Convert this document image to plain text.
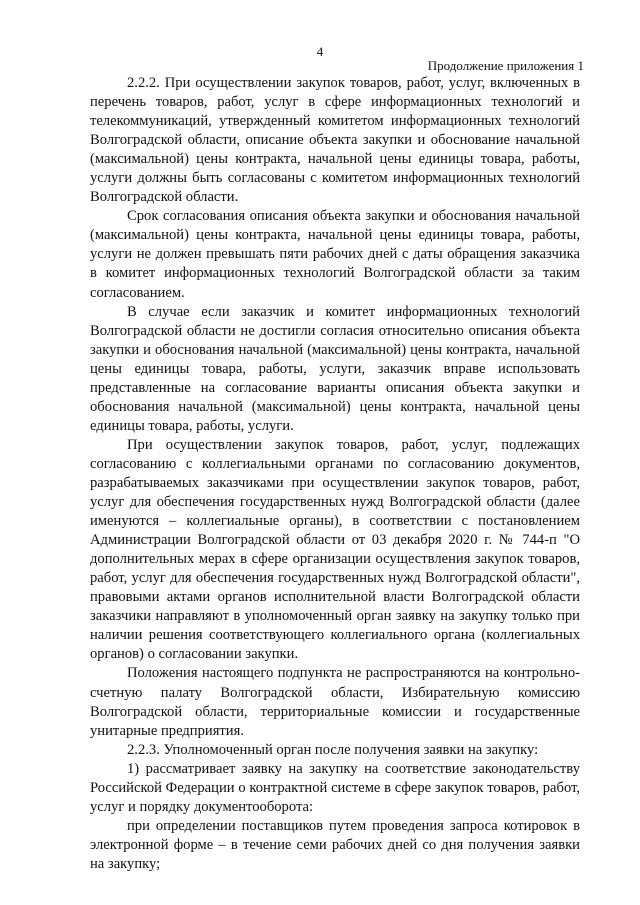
4
Продолжение приложения 1

2.2.2. При осуществлении закупок товаров, работ, услуг, включенных в перечень товаров, работ, услуг в сфере информационных технологий и телекоммуникаций, утвержденный комитетом информационных технологий Волгоградской области, описание объекта закупки и обоснование начальной (максимальной) цены контракта, начальной цены единицы товара, работы, услуги должны быть согласованы с комитетом информационных технологий Волгоградской области.

Срок согласования описания объекта закупки и обоснования начальной (максимальной) цены контракта, начальной цены единицы товара, работы, услуги не должен превышать пяти рабочих дней с даты обращения заказчика в комитет информационных технологий Волгоградской области за таким согласованием.

В случае если заказчик и комитет информационных технологий Волгоградской области не достигли согласия относительно описания объекта закупки и обоснования начальной (максимальной) цены контракта, начальной цены единицы товара, работы, услуги, заказчик вправе использовать представленные на согласование варианты описания объекта закупки и обоснования начальной (максимальной) цены контракта, начальной цены единицы товара, работы, услуги.

При осуществлении закупок товаров, работ, услуг, подлежащих согласованию с коллегиальными органами по согласованию документов, разрабатываемых заказчиками при осуществлении закупок товаров, работ, услуг для обеспечения государственных нужд Волгоградской области (далее именуются – коллегиальные органы), в соответствии с постановлением Администрации Волгоградской области от 03 декабря 2020 г. № 744-п "О дополнительных мерах в сфере организации осуществления закупок товаров, работ, услуг для обеспечения государственных нужд Волгоградской области", правовыми актами органов исполнительной власти Волгоградской области заказчики направляют в уполномоченный орган заявку на закупку только при наличии решения соответствующего коллегиального органа (коллегиальных органов) о согласовании закупки.

Положения настоящего подпункта не распространяются на контрольно-счетную палату Волгоградской области, Избирательную комиссию Волгоградской области, территориальные комиссии и государственные унитарные предприятия.

2.2.3. Уполномоченный орган после получения заявки на закупку:

1) рассматривает заявку на закупку на соответствие законодательству Российской Федерации о контрактной системе в сфере закупок товаров, работ, услуг и порядку документооборота:

при определении поставщиков путем проведения запроса котировок в электронной форме – в течение семи рабочих дней со дня получения заявки на закупку;
